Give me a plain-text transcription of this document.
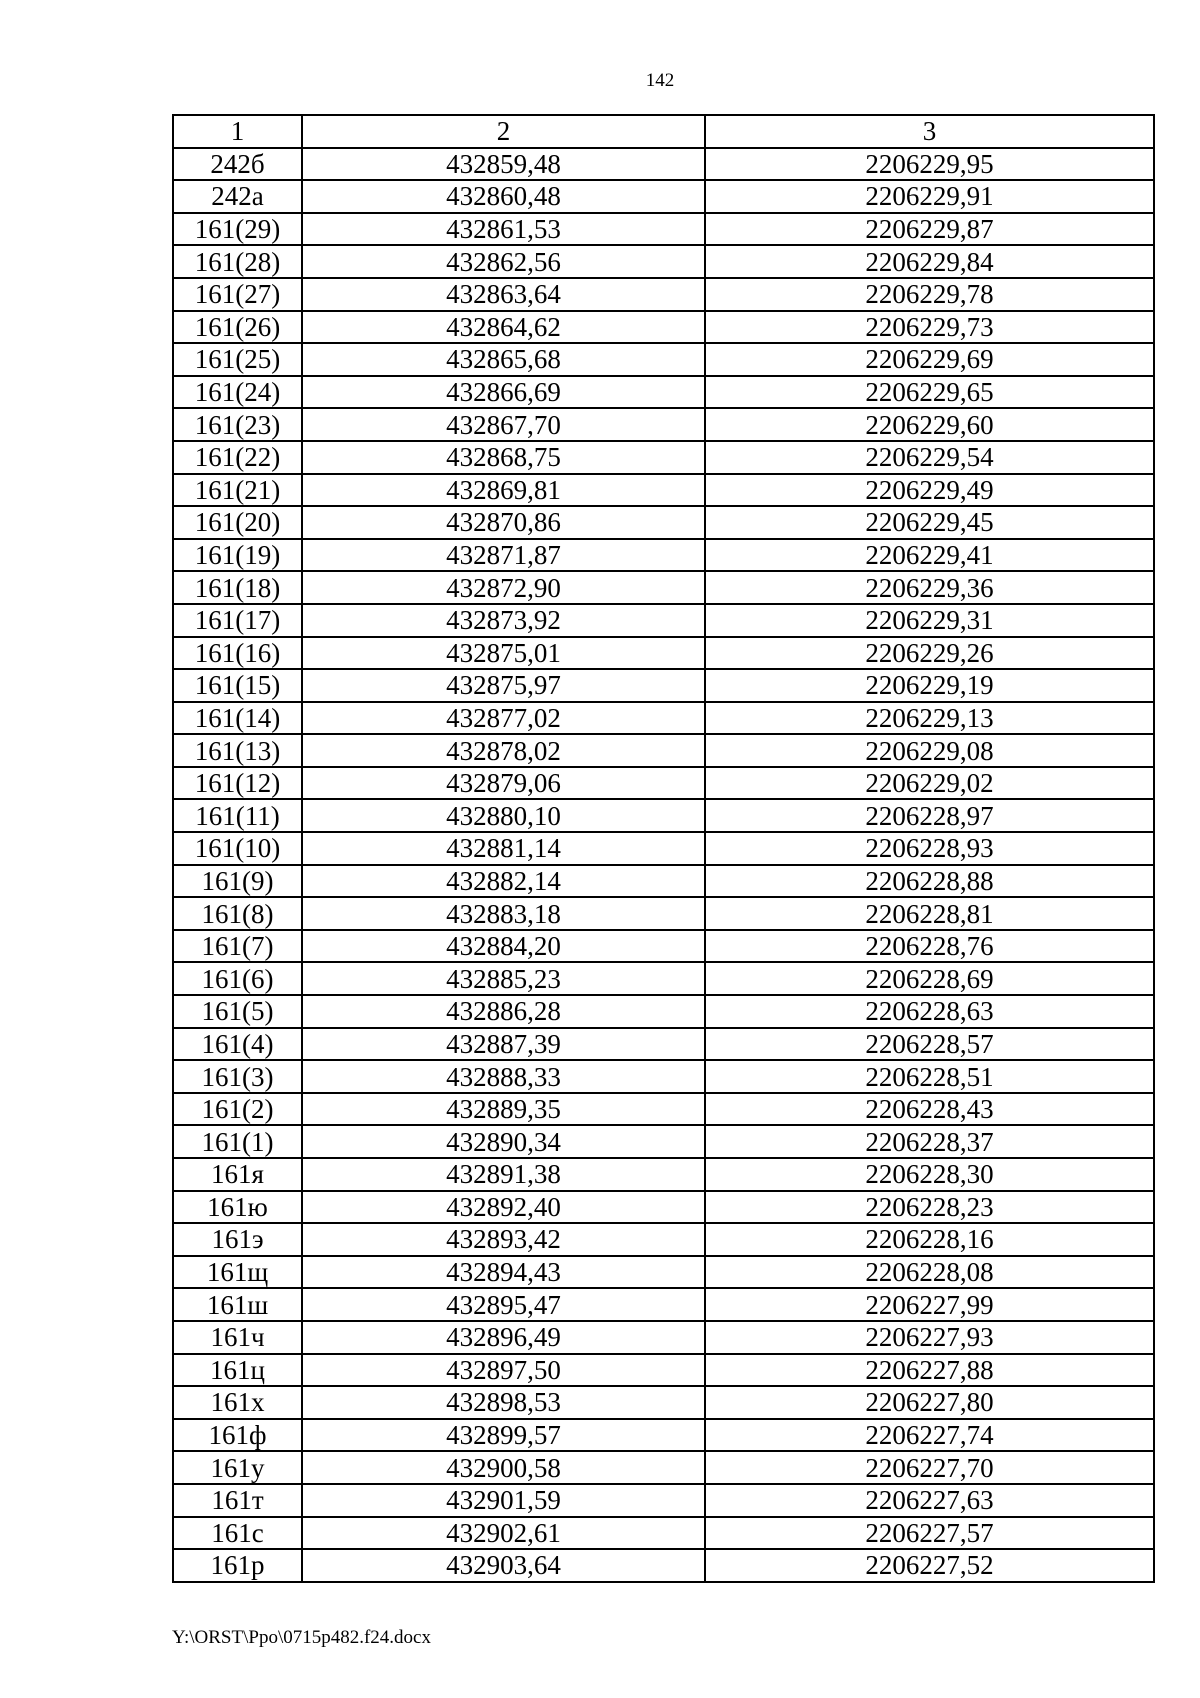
142
1	2	3
242б	432859,48	2206229,95
242а	432860,48	2206229,91
161(29)	432861,53	2206229,87
161(28)	432862,56	2206229,84
161(27)	432863,64	2206229,78
161(26)	432864,62	2206229,73
161(25)	432865,68	2206229,69
161(24)	432866,69	2206229,65
161(23)	432867,70	2206229,60
161(22)	432868,75	2206229,54
161(21)	432869,81	2206229,49
161(20)	432870,86	2206229,45
161(19)	432871,87	2206229,41
161(18)	432872,90	2206229,36
161(17)	432873,92	2206229,31
161(16)	432875,01	2206229,26
161(15)	432875,97	2206229,19
161(14)	432877,02	2206229,13
161(13)	432878,02	2206229,08
161(12)	432879,06	2206229,02
161(11)	432880,10	2206228,97
161(10)	432881,14	2206228,93
161(9)	432882,14	2206228,88
161(8)	432883,18	2206228,81
161(7)	432884,20	2206228,76
161(6)	432885,23	2206228,69
161(5)	432886,28	2206228,63
161(4)	432887,39	2206228,57
161(3)	432888,33	2206228,51
161(2)	432889,35	2206228,43
161(1)	432890,34	2206228,37
161я	432891,38	2206228,30
161ю	432892,40	2206228,23
161э	432893,42	2206228,16
161щ	432894,43	2206228,08
161ш	432895,47	2206227,99
161ч	432896,49	2206227,93
161ц	432897,50	2206227,88
161х	432898,53	2206227,80
161ф	432899,57	2206227,74
161у	432900,58	2206227,70
161т	432901,59	2206227,63
161с	432902,61	2206227,57
161р	432903,64	2206227,52
Y:\ORST\Ppo\0715p482.f24.docx
